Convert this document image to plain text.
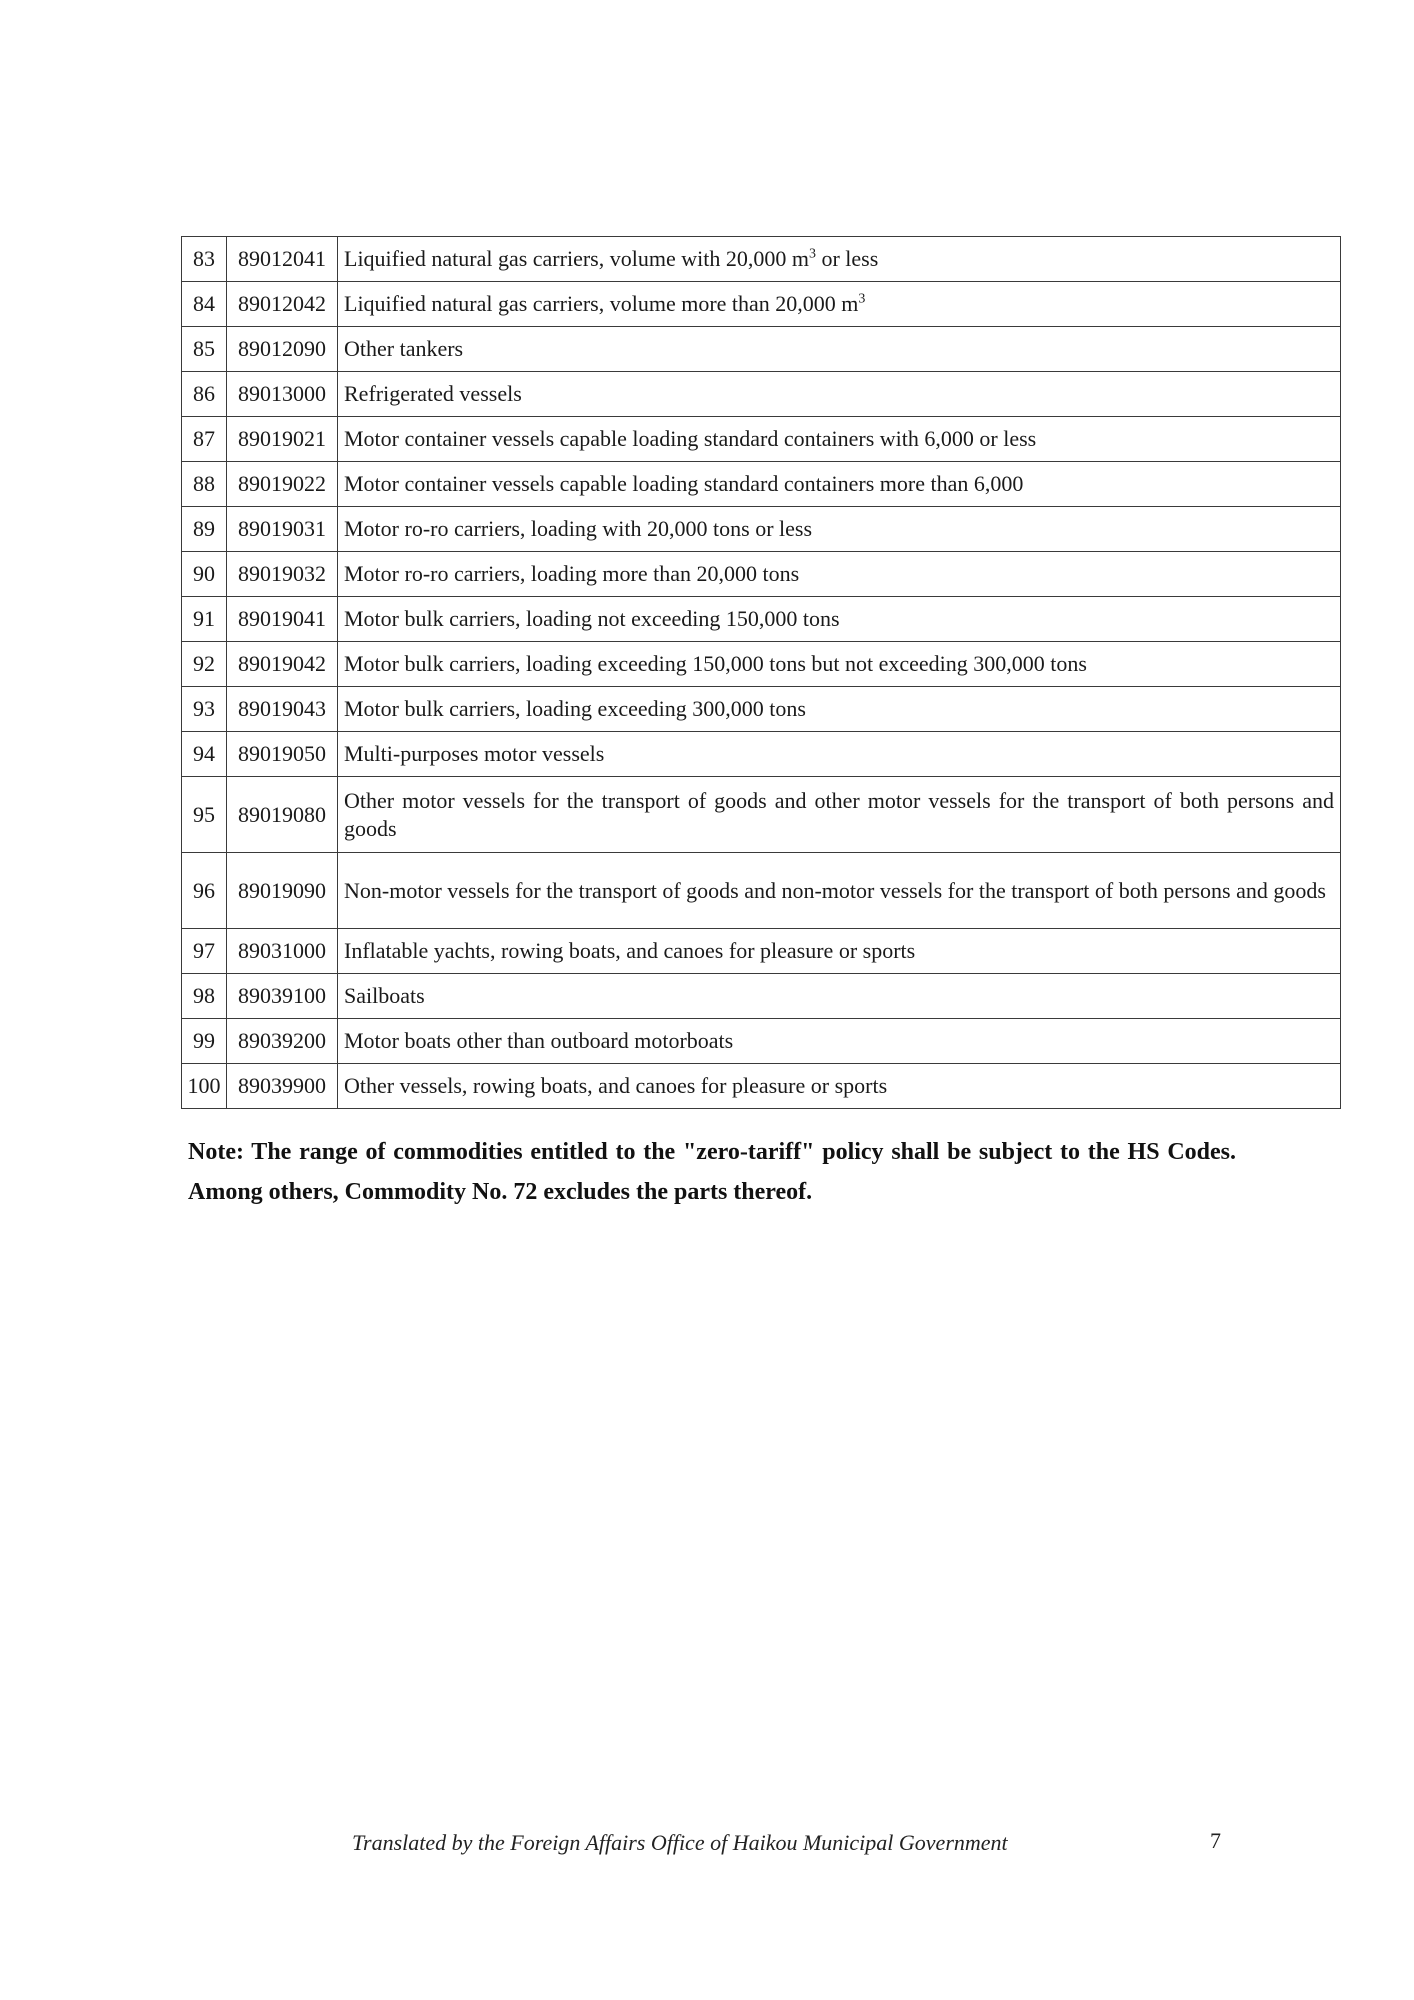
83	89012041	Liquified natural gas carriers, volume with 20,000 $m^3$ or less
84	89012042	Liquified natural gas carriers, volume more than 20,000 $m^3$
85	89012090	Other tankers
86	89013000	Refrigerated vessels
87	89019021	Motor container vessels capable loading standard containers with 6,000 or less
88	89019022	Motor container vessels capable loading standard containers more than 6,000
89	89019031	Motor ro-ro carriers, loading with 20,000 tons or less
90	89019032	Motor ro-ro carriers, loading more than 20,000 tons
91	89019041	Motor bulk carriers, loading not exceeding 150,000 tons
92	89019042	Motor bulk carriers, loading exceeding 150,000 tons but not exceeding 300,000 tons
93	89019043	Motor bulk carriers, loading exceeding 300,000 tons
94	89019050	Multi-purposes motor vessels
95	89019080	Other motor vessels for the transport of goods and other motor vessels for the transport of both persons and goods
96	89019090	Non-motor vessels for the transport of goods and non-motor vessels for the transport of both persons and goods
97	89031000	Inflatable yachts, rowing boats, and canoes for pleasure or sports
98	89039100	Sailboats
99	89039200	Motor boats other than outboard motorboats
100	89039900	Other vessels, rowing boats, and canoes for pleasure or sports
Note: The range of commodities entitled to the "zero-tariff" policy shall be subject to the HS Codes. Among others, Commodity No. 72 excludes the parts thereof.
Translated by the Foreign Affairs Office of Haikou Municipal Government	7
